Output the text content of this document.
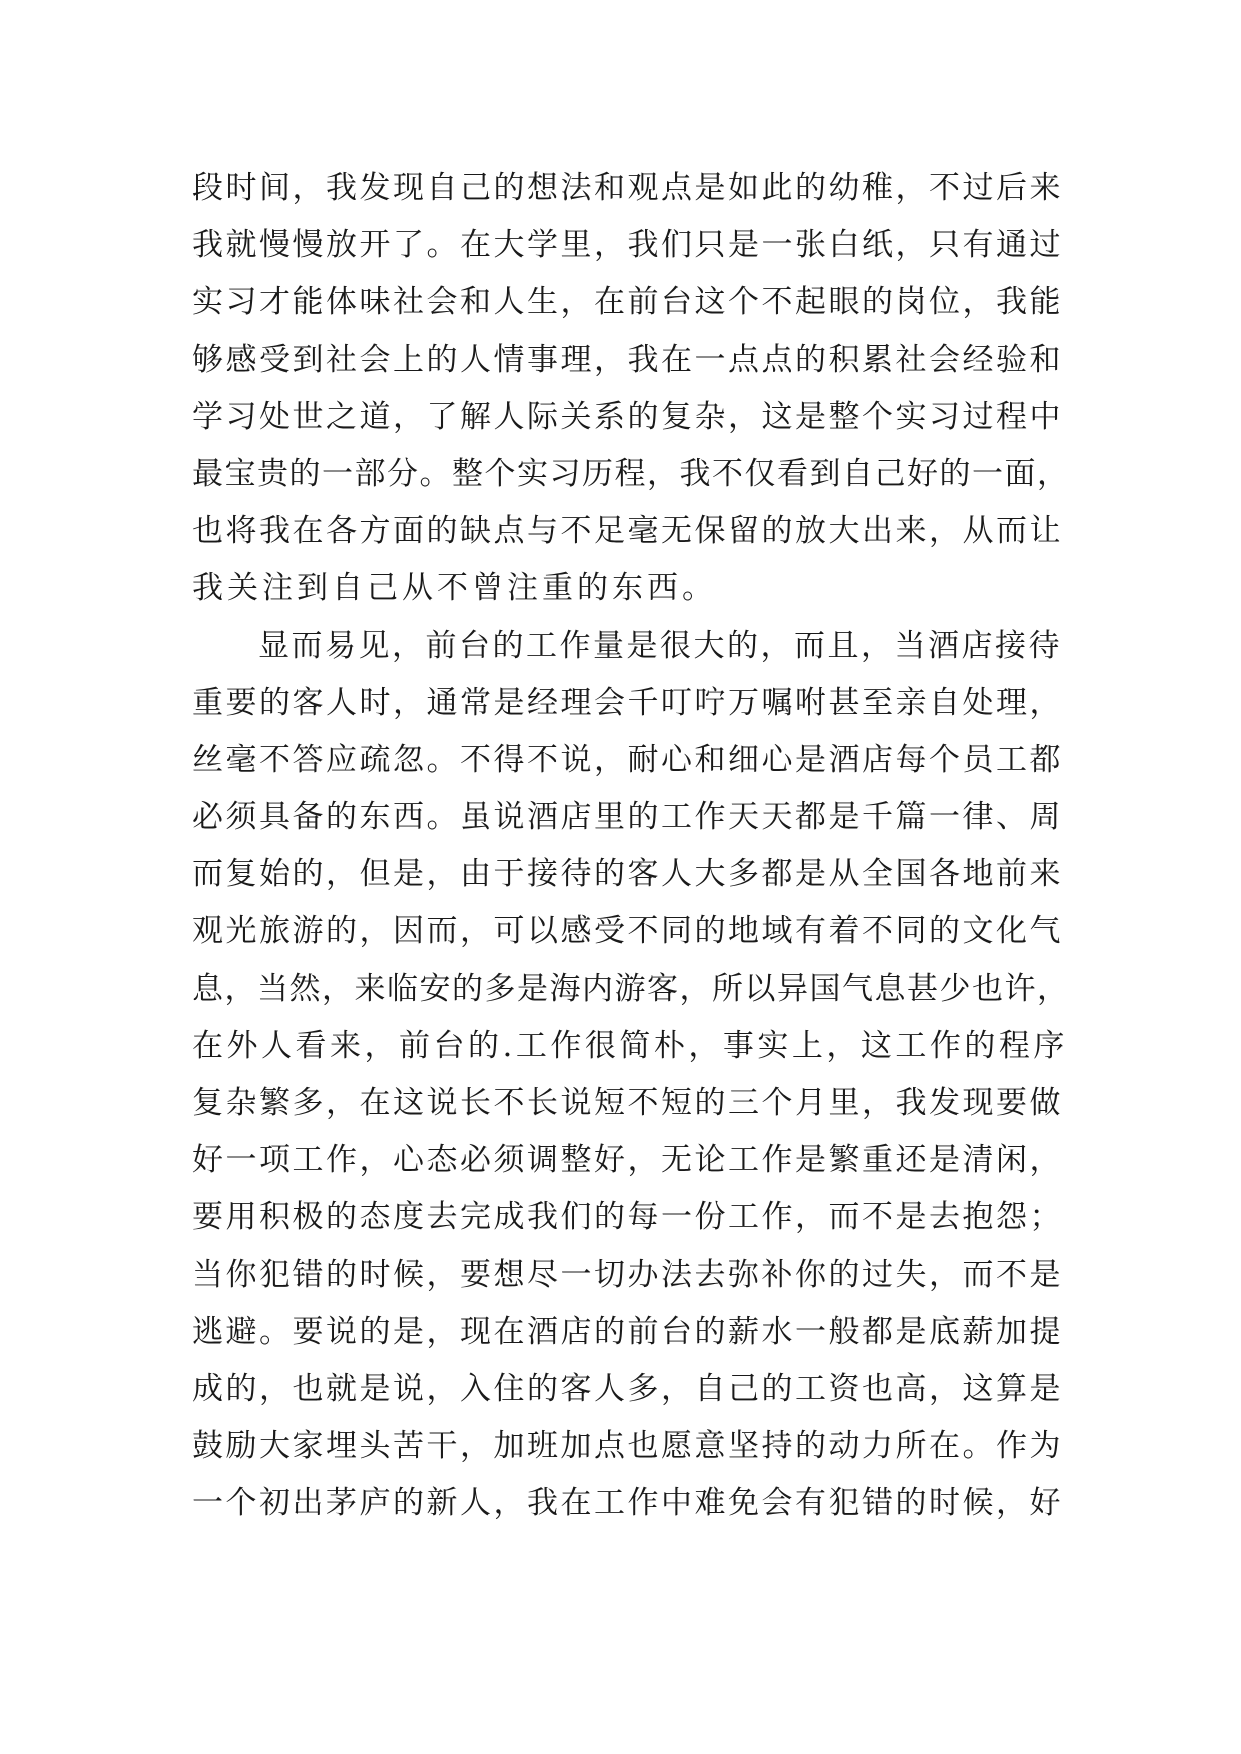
段时间，我发现自己的想法和观点是如此的幼稚，不过后来
我就慢慢放开了。在大学里，我们只是一张白纸，只有通过
实习才能体味社会和人生，在前台这个不起眼的岗位，我能
够感受到社会上的人情事理，我在一点点的积累社会经验和
学习处世之道，了解人际关系的复杂，这是整个实习过程中
最宝贵的一部分。整个实习历程，我不仅看到自己好的一面，
也将我在各方面的缺点与不足毫无保留的放大出来，从而让
我关注到自己从不曾注重的东西。
显而易见，前台的工作量是很大的，而且，当酒店接待
重要的客人时，通常是经理会千叮咛万嘱咐甚至亲自处理，
丝毫不答应疏忽。不得不说，耐心和细心是酒店每个员工都
必须具备的东西。虽说酒店里的工作天天都是千篇一律、周
而复始的，但是，由于接待的客人大多都是从全国各地前来
观光旅游的，因而，可以感受不同的地域有着不同的文化气
息，当然，来临安的多是海内游客，所以异国气息甚少也许，
在外人看来，前台的.工作很简朴，事实上，这工作的程序
复杂繁多，在这说长不长说短不短的三个月里，我发现要做
好一项工作，心态必须调整好，无论工作是繁重还是清闲，
要用积极的态度去完成我们的每一份工作，而不是去抱怨；
当你犯错的时候，要想尽一切办法去弥补你的过失，而不是
逃避。要说的是，现在酒店的前台的薪水一般都是底薪加提
成的，也就是说，入住的客人多，自己的工资也高，这算是
鼓励大家埋头苦干，加班加点也愿意坚持的动力所在。作为
一个初出茅庐的新人，我在工作中难免会有犯错的时候，好
